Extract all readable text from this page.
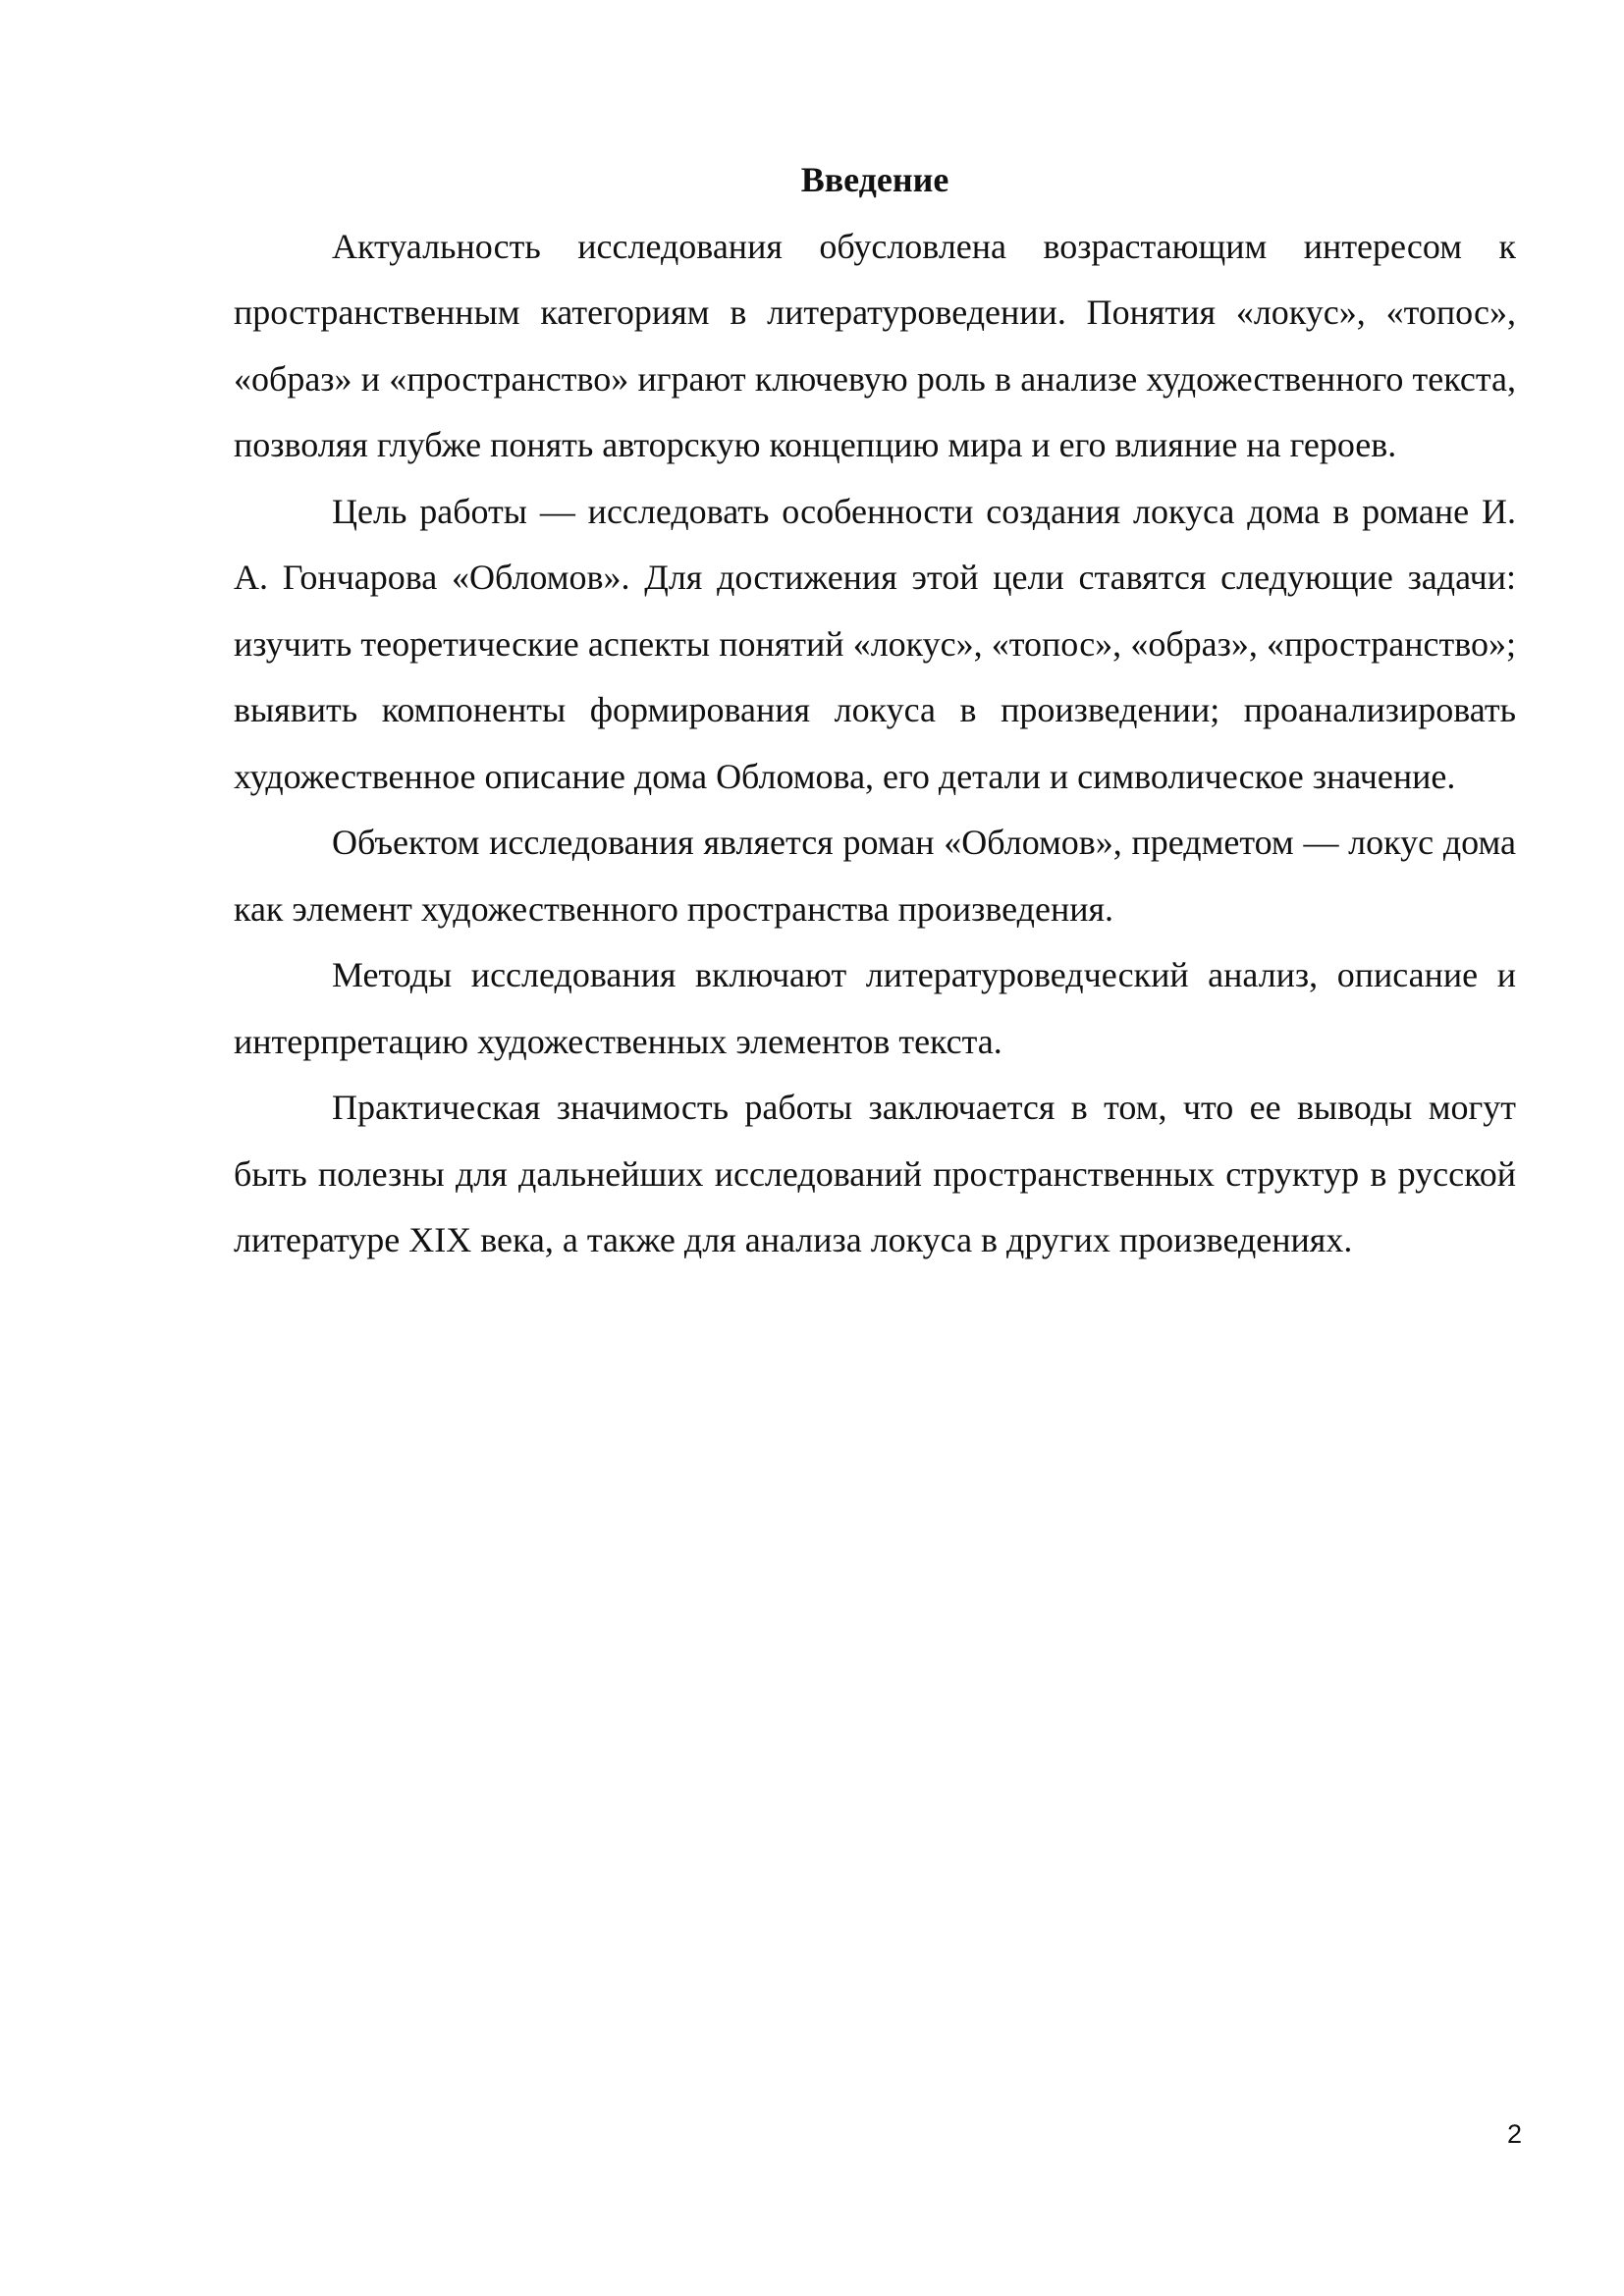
Введение

Актуальность исследования обусловлена возрастающим интересом к пространственным категориям в литературоведении. Понятия «локус», «топос», «образ» и «пространство» играют ключевую роль в анализе художественного текста, позволяя глубже понять авторскую концепцию мира и его влияние на героев.

Цель работы — исследовать особенности создания локуса дома в романе И. А. Гончарова «Обломов». Для достижения этой цели ставятся следующие задачи: изучить теоретические аспекты понятий «локус», «топос», «образ», «пространство»; выявить компоненты формирования локуса в произведении; проанализировать художественное описание дома Обломова, его детали и символическое значение.

Объектом исследования является роман «Обломов», предметом — локус дома как элемент художественного пространства произведения.

Методы исследования включают литературоведческий анализ, описание и интерпретацию художественных элементов текста.

Практическая значимость работы заключается в том, что ее выводы могут быть полезны для дальнейших исследований пространственных структур в русской литературе XIX века, а также для анализа локуса в других произведениях.

2
